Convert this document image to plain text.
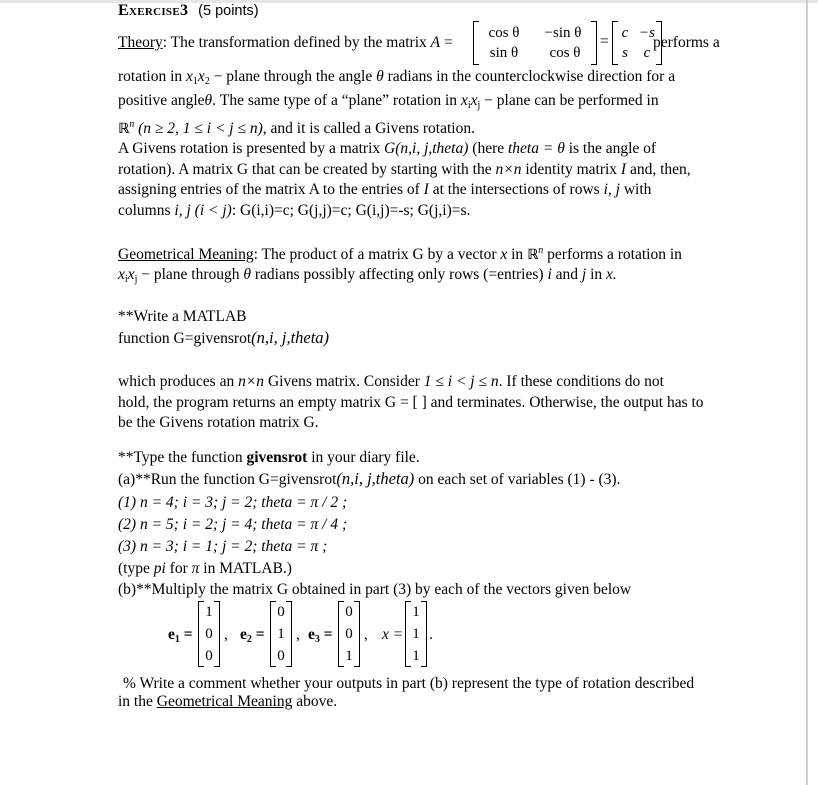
Exercise3 (5 points)
Theory: The transformation defined by the matrix A =
cos θ	−sin θ
sin θ	cos θ
= c −s
s c
performs a
rotation in $x_1x_2$ − plane through the angle θ radians in the counterclockwise direction for a
positive angleθ. The same type of a “plane” rotation in $x_ix_j$ − plane can be performed in
ℝ$^n$ (n ≥ 2, 1 ≤ i < j ≤ n), and it is called a Givens rotation.
A Givens rotation is presented by a matrix G(n,i, j,theta) (here theta = θ is the angle of
rotation). A matrix G that can be created by starting with the n×n identity matrix I and, then,
assigning entries of the matrix A to the entries of I at the intersections of rows i, j with
columns i, j (i < j): G(i,i)=c; G(j,j)=c; G(i,j)=-s; G(j,i)=s.
Geometrical Meaning: The product of a matrix G by a vector x in ℝ$^n$ performs a rotation in
$x_ix_j$ − plane through θ radians possibly affecting only rows (=entries) i and j in x.
**Write a MATLAB
function G=givensrot(n,i, j,theta)
which produces an n×n Givens matrix. Consider 1 ≤ i < j ≤ n. If these conditions do not
hold, the program returns an empty matrix G = [ ] and terminates. Otherwise, the output has to
be the Givens rotation matrix G.
**Type the function givensrot in your diary file.
(a)**Run the function G=givensrot(n,i, j,theta) on each set of variables (1) - (3).
(1) n = 4; i = 3; j = 2; theta = π / 2 ;
(2) n = 5; i = 2; j = 4; theta = π / 4 ;
(3) n = 3; i = 1; j = 2; theta = π ;
(type pi for π in MATLAB.)
(b)**Multiply the matrix G obtained in part (3) by each of the vectors given below
$e_1$ =
1
0
0
, $e_2$ =
0
1
0
, $e_3$ =
0
0
1
, x =
1
1
1
.
% Write a comment whether your outputs in part (b) represent the type of rotation described
in the Geometrical Meaning above.
